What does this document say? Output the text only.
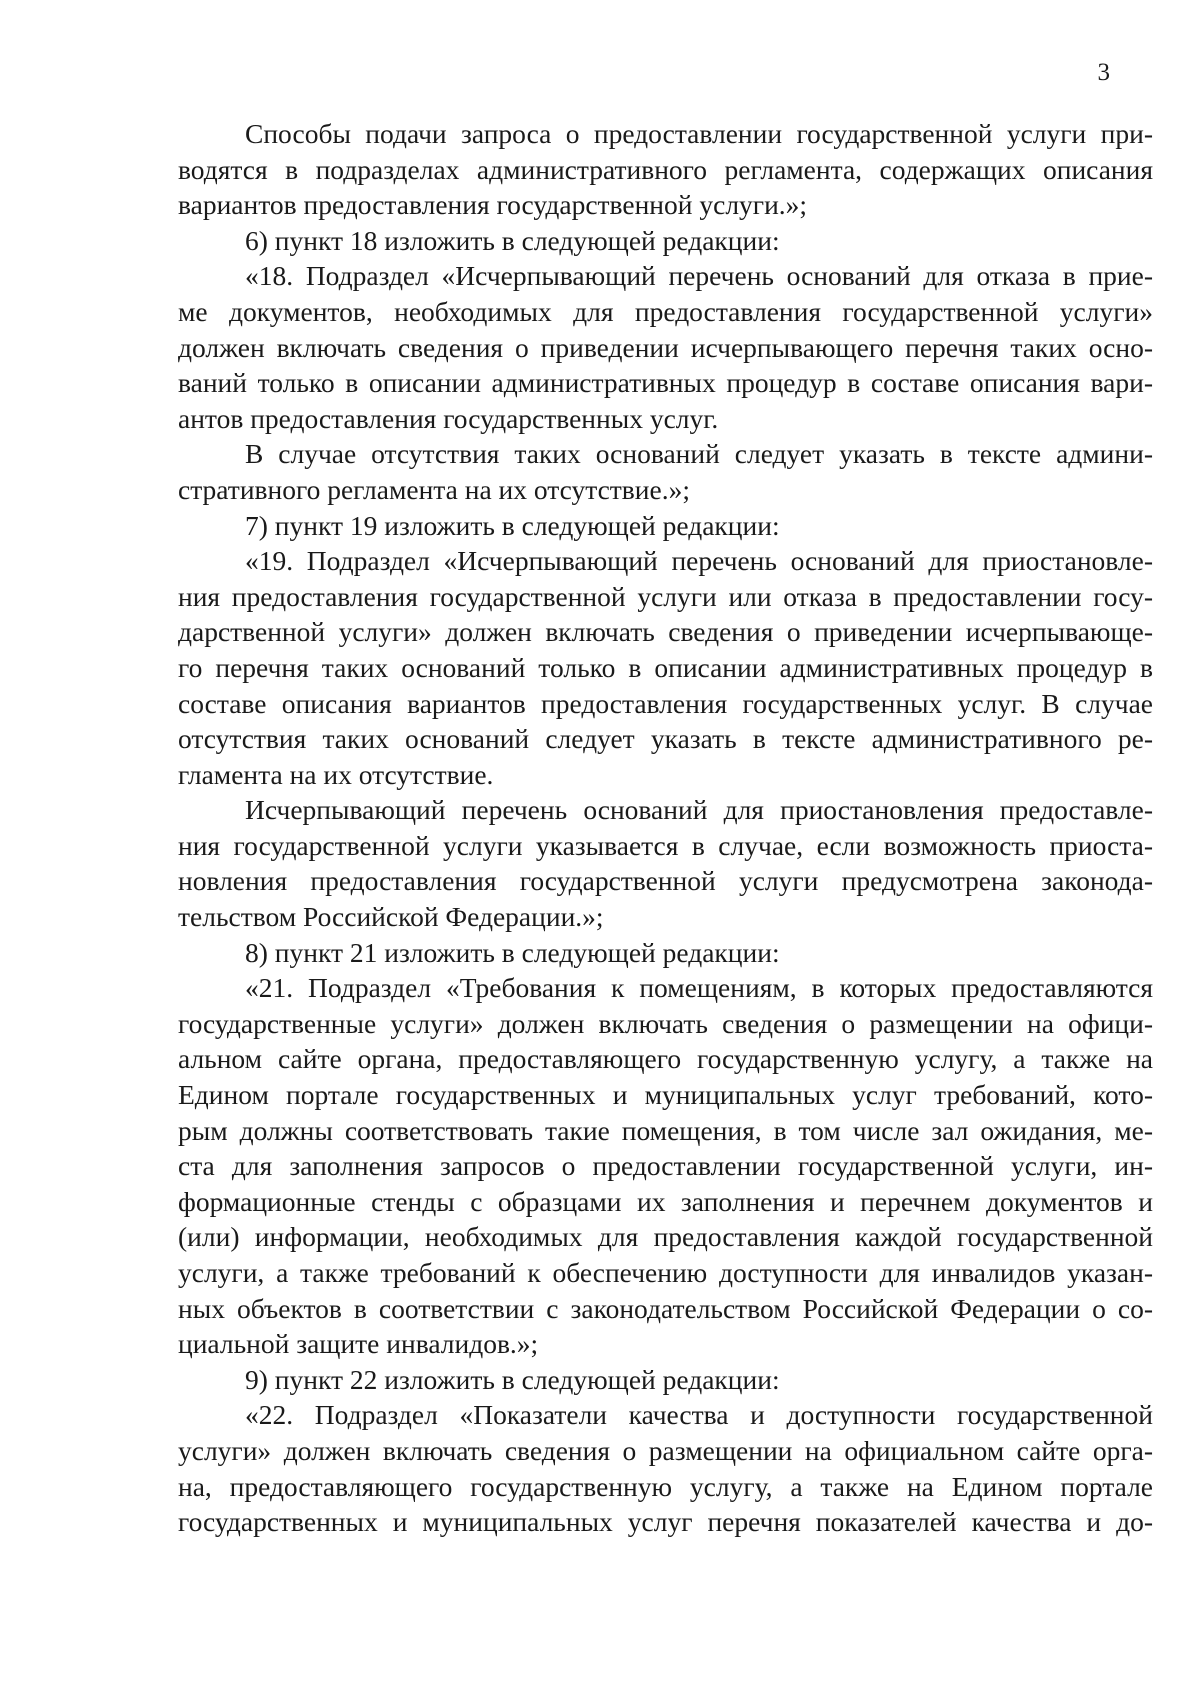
3
Способы подачи запроса о предоставлении государственной услуги при-
водятся в подразделах административного регламента, содержащих описания
вариантов предоставления государственной услуги.»;
6) пункт 18 изложить в следующей редакции:
«18. Подраздел «Исчерпывающий перечень оснований для отказа в прие-
ме документов, необходимых для предоставления государственной услуги»
должен включать сведения о приведении исчерпывающего перечня таких осно-
ваний только в описании административных процедур в составе описания вари-
антов предоставления государственных услуг.
В случае отсутствия таких оснований следует указать в тексте админи-
стративного регламента на их отсутствие.»;
7) пункт 19 изложить в следующей редакции:
«19. Подраздел «Исчерпывающий перечень оснований для приостановле-
ния предоставления государственной услуги или отказа в предоставлении госу-
дарственной услуги» должен включать сведения о приведении исчерпывающе-
го перечня таких оснований только в описании административных процедур в
составе описания вариантов предоставления государственных услуг. В случае
отсутствия таких оснований следует указать в тексте административного ре-
гламента на их отсутствие.
Исчерпывающий перечень оснований для приостановления предоставле-
ния государственной услуги указывается в случае, если возможность приоста-
новления предоставления государственной услуги предусмотрена законода-
тельством Российской Федерации.»;
8) пункт 21 изложить в следующей редакции:
«21. Подраздел «Требования к помещениям, в которых предоставляются
государственные услуги» должен включать сведения о размещении на офици-
альном сайте органа, предоставляющего государственную услугу, а также на
Едином портале государственных и муниципальных услуг требований, кото-
рым должны соответствовать такие помещения, в том числе зал ожидания, ме-
ста для заполнения запросов о предоставлении государственной услуги, ин-
формационные стенды с образцами их заполнения и перечнем документов и
(или) информации, необходимых для предоставления каждой государственной
услуги, а также требований к обеспечению доступности для инвалидов указан-
ных объектов в соответствии с законодательством Российской Федерации о со-
циальной защите инвалидов.»;
9) пункт 22 изложить в следующей редакции:
«22. Подраздел «Показатели качества и доступности государственной
услуги» должен включать сведения о размещении на официальном сайте орга-
на, предоставляющего государственную услугу, а также на Едином портале
государственных и муниципальных услуг перечня показателей качества и до-
